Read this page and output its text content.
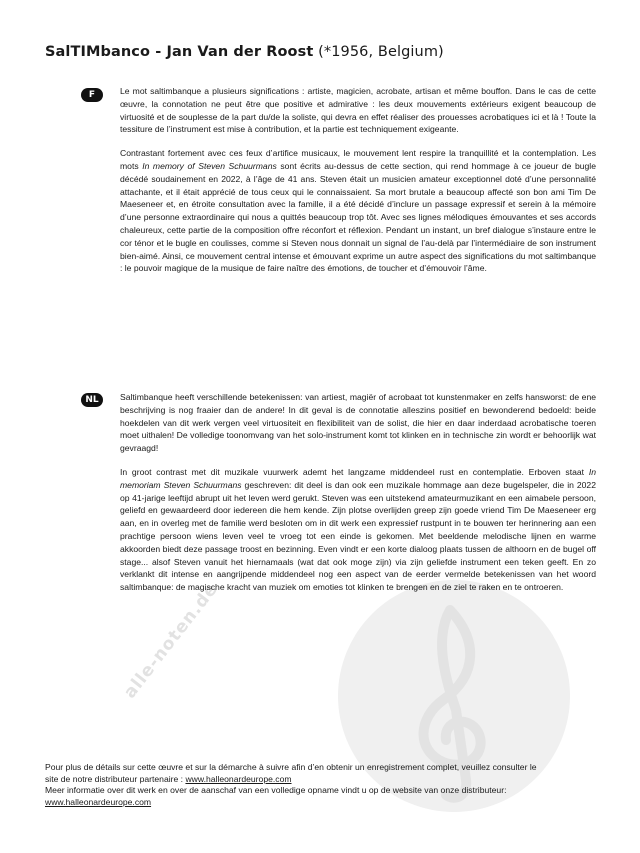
alle-noten.de
SalTIMbanco - Jan Van der Roost (*1956, Belgium)
F	Le mot saltimbanque a plusieurs significations : artiste, magicien, acrobate, artisan et même bouffon. Dans le cas de cette œuvre, la connotation ne peut être que positive et admirative : les deux mouvements extérieurs exigent beaucoup de virtuosité et de souplesse de la part du/de la soliste, qui devra en effet réaliser des prouesses acrobatiques ici et là ! Toute la tessiture de l’instrument est mise à contribution, et la partie est techniquement exigeante.

Contrastant fortement avec ces feux d’artifice musicaux, le mouvement lent respire la tranquillité et la contemplation. Les mots In memory of Steven Schuurmans sont écrits au-dessus de cette section, qui rend hommage à ce joueur de bugle décédé soudainement en 2022, à l’âge de 41 ans. Steven était un musicien amateur exceptionnel doté d’une personnalité attachante, et il était apprécié de tous ceux qui le connaissaient. Sa mort brutale a beaucoup affecté son bon ami Tim De Maeseneer et, en étroite consultation avec la famille, il a été décidé d’inclure un passage expressif et serein à la mémoire d’une personne extraordinaire qui nous a quittés beaucoup trop tôt. Avec ses lignes mélodiques émouvantes et ses accords chaleureux, cette partie de la composition offre réconfort et réflexion. Pendant un instant, un bref dialogue s’instaure entre le cor ténor et le bugle en coulisses, comme si Steven nous donnait un signal de l’au-delà par l’intermédiaire de son instrument bien-aimé. Ainsi, ce mouvement central intense et émouvant exprime un autre aspect des significations du mot saltimbanque : le pouvoir magique de la musique de faire naître des émotions, de toucher et d’émouvoir l’âme.

NL	Saltimbanque heeft verschillende betekenissen: van artiest, magiër of acrobaat tot kunstenmaker en zelfs hansworst: de ene beschrijving is nog fraaier dan de andere! In dit geval is de connotatie alleszins positief en bewonderend bedoeld: beide hoekdelen van dit werk vergen veel virtuositeit en flexibiliteit van de solist, die hier en daar inderdaad acrobatische toeren moet uithalen! De volledige toonomvang van het solo-instrument komt tot klinken en in technische zin wordt er behoorlijk wat gevraagd!

In groot contrast met dit muzikale vuurwerk ademt het langzame middendeel rust en contemplatie. Erboven staat In memoriam Steven Schuurmans geschreven: dit deel is dan ook een muzikale hommage aan deze bugelspeler, die in 2022 op 41-jarige leeftijd abrupt uit het leven werd gerukt. Steven was een uitstekend amateurmuzikant en een aimabele persoon, geliefd en gewaardeerd door iedereen die hem kende. Zijn plotse overlijden greep zijn goede vriend Tim De Maeseneer erg aan, en in overleg met de familie werd besloten om in dit werk een expressief rustpunt in te bouwen ter herinnering aan een prachtige persoon wiens leven veel te vroeg tot een einde is gekomen. Met beeldende melodische lijnen en warme akkoorden biedt deze passage troost en bezinning. Even vindt er een korte dialoog plaats tussen de althoorn en de bugel off stage... alsof Steven vanuit het hiernamaals (wat dat ook moge zijn) via zijn geliefde instrument een teken geeft. En zo verklankt dit intense en aangrijpende middendeel nog een aspect van de eerder vermelde betekenissen van het woord saltimbanque: de magische kracht van muziek om emoties tot klinken te brengen en de ziel te raken en te ontroeren.

Pour plus de détails sur cette œuvre et sur la démarche à suivre afin d’en obtenir un enregistrement complet, veuillez consulter le
site de notre distributeur partenaire : www.halleonardeurope.com
Meer informatie over dit werk en over de aanschaf van een volledige opname vindt u op de website van onze distributeur:
www.halleonardeurope.com
